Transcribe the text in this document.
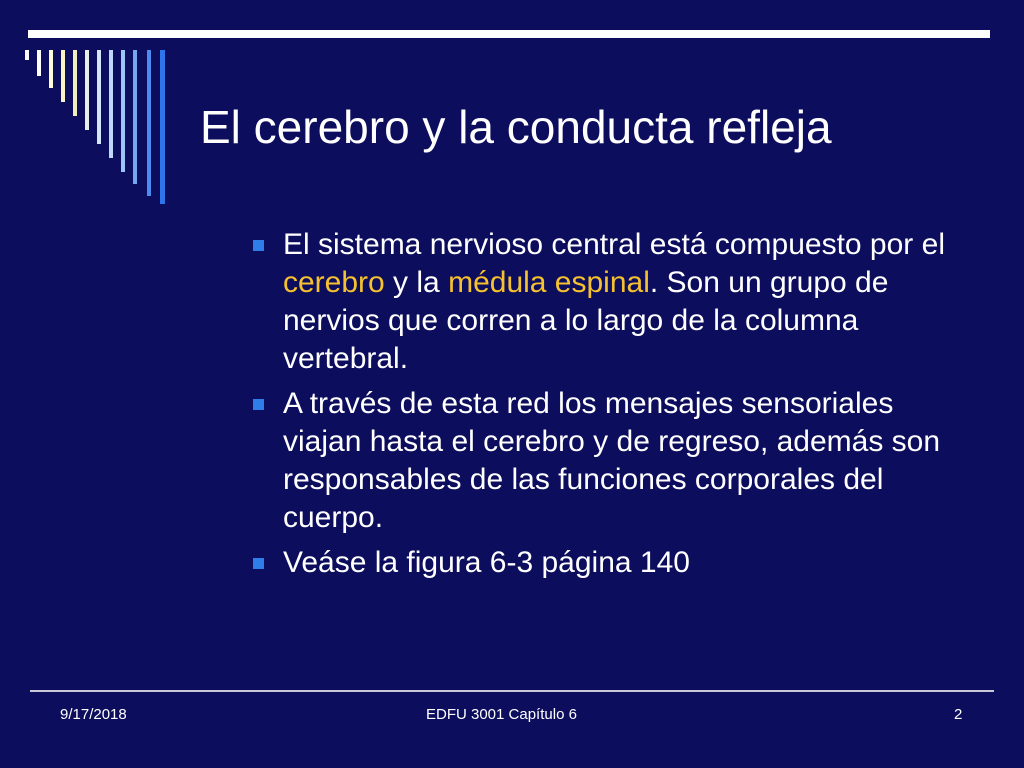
El cerebro y la conducta refleja
El sistema nervioso central está compuesto por el cerebro y la médula espinal. Son un grupo de nervios que corren a lo largo de la columna vertebral.
A través de esta red los mensajes sensoriales viajan hasta el cerebro y de regreso, además son responsables de las funciones corporales del cuerpo.
Veáse la figura 6-3 página 140
9/17/2018	EDFU 3001 Capítulo 6	2
